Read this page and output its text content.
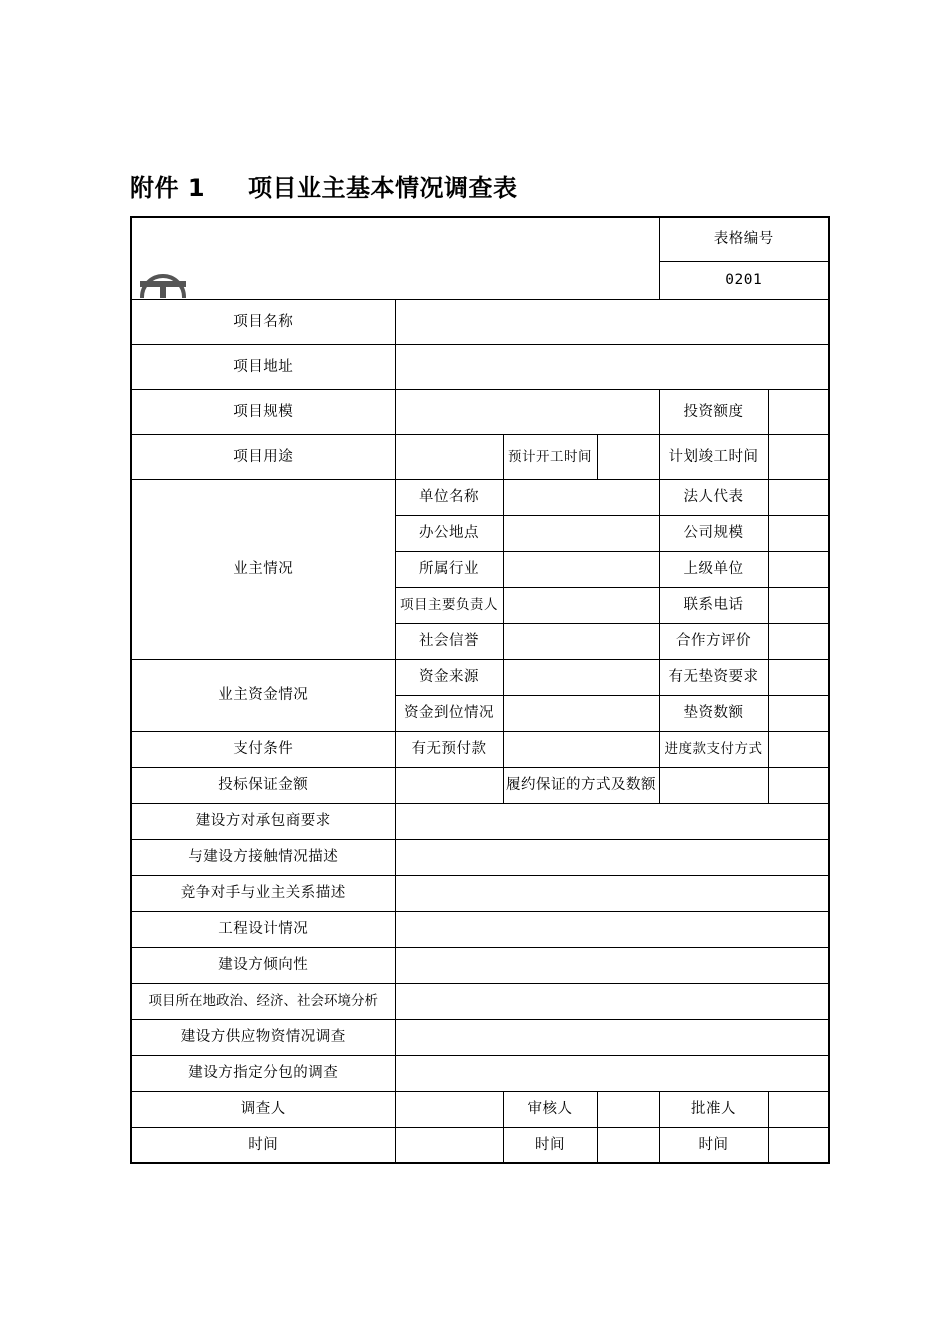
附件 1 项目业主基本情况调查表
REC				表格编号	
				0201	
项目名称					
项目地址					
项目规模				投资额度	
项目用途		预计开工时间		计划竣工时间	
业主情况	单位名称			法人代表	
	办公地点			公司规模	
	所属行业			上级单位	
	项目主要负责人			联系电话	
	社会信誉			合作方评价	
业主资金情况	资金来源			有无垫资要求	
	资金到位情况			垫资数额	
支付条件	有无预付款			进度款支付方式	
投标保证金额		履约保证的方式及数额			
建设方对承包商要求					
与建设方接触情况描述					
竞争对手与业主关系描述					
工程设计情况					
建设方倾向性					
项目所在地政治、经济、社会环境分析					
建设方供应物资情况调查					
建设方指定分包的调查					
调查人		审核人		批准人	
时间		时间		时间	
